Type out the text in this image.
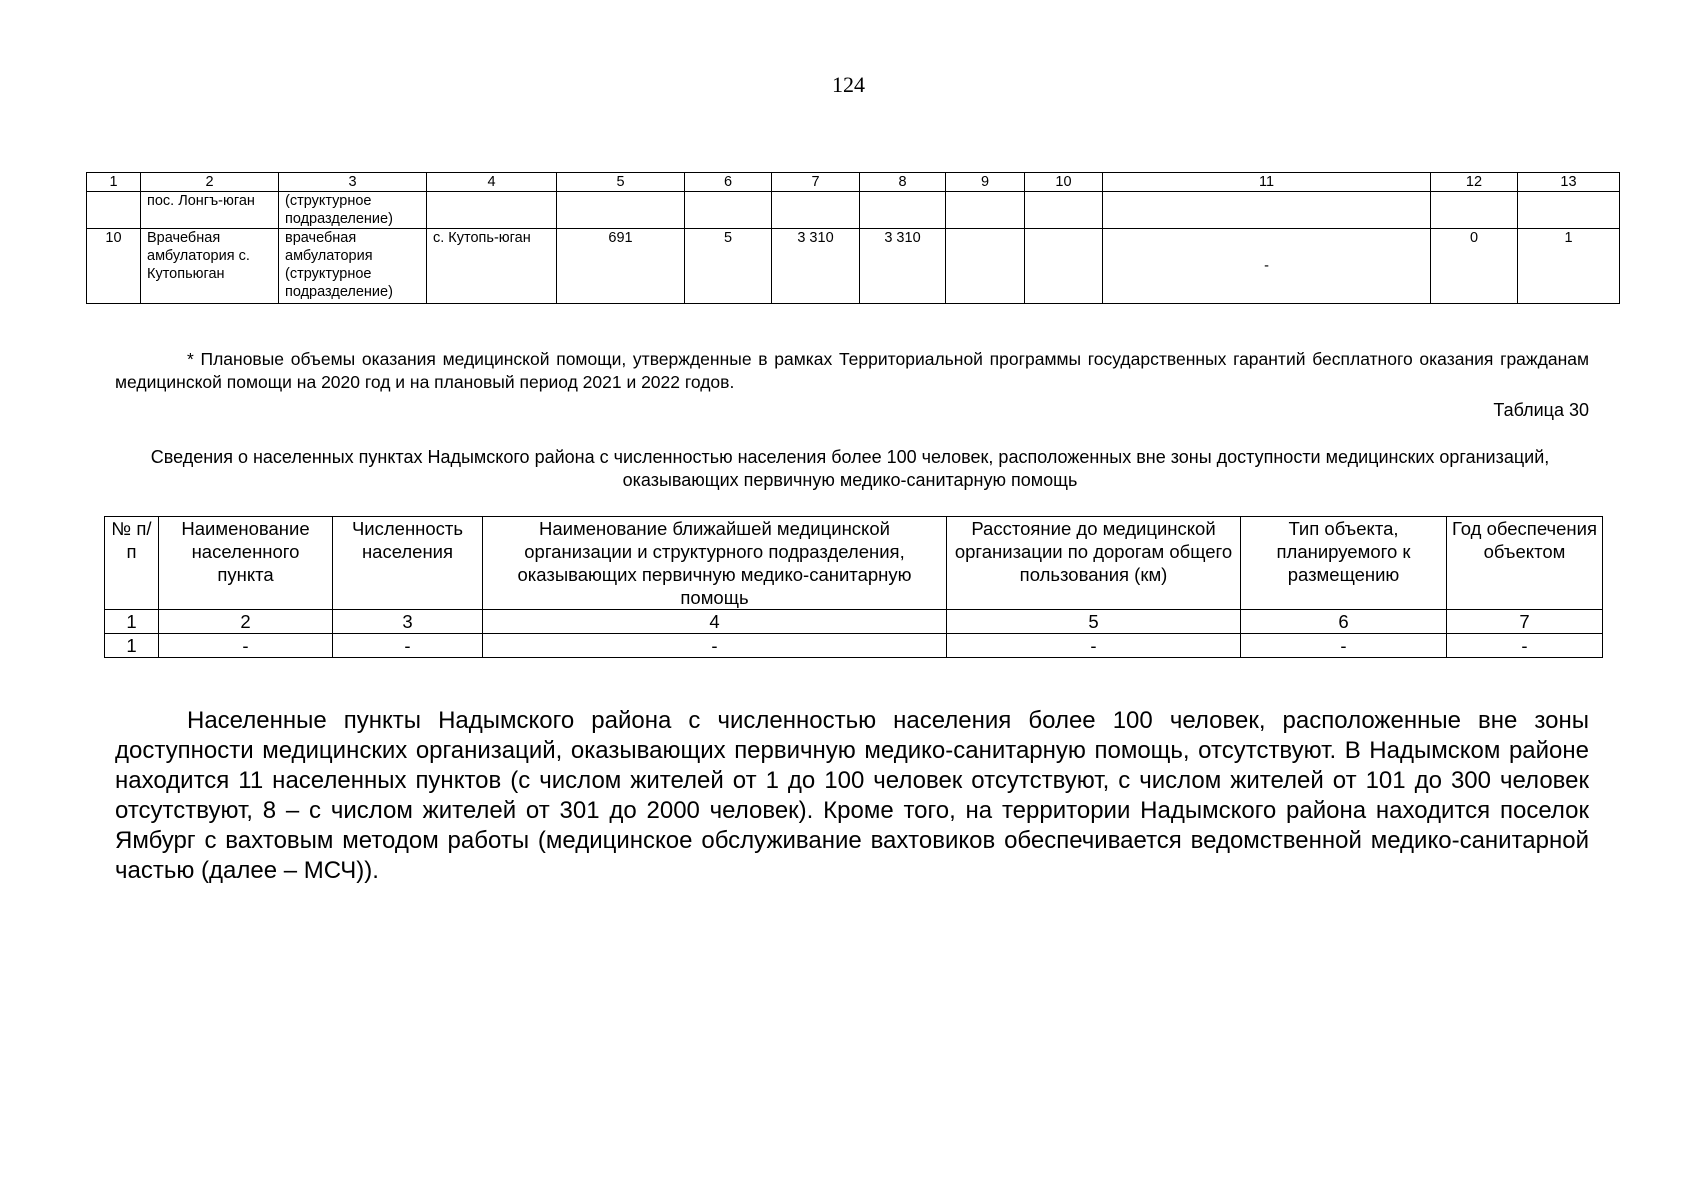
124
1	2	3	4	5	6	7	8	9	10	11	12	13
	пос. Лонгъ-юган	(структурное подразделение)										
10	Врачебная амбулатория с. Кутопьюган	врачебная амбулатория (структурное подразделение)	с. Кутопь-юган	691	5	3 310	3 310			-	0	1

* Плановые объемы оказания медицинской помощи, утвержденные в рамках Территориальной программы государственных гарантий бесплатного оказания гражданам медицинской помощи на 2020 год и на плановый период 2021 и 2022 годов.

Таблица 30
Сведения о населенных пунктах Надымского района с численностью населения более 100 человек, расположенных вне зоны доступности медицинских организаций, оказывающих первичную медико-санитарную помощь
№ п/п	Наименование населенного пункта	Численность населения	Наименование ближайшей медицинской организации и структурного подразделения, оказывающих первичную медико-санитарную помощь	Расстояние до медицинской организации по дорогам общего пользования (км)	Тип объекта, планируемого к размещению	Год обеспечения объектом
1	2	3	4	5	6	7
1	-	-	-	-	-	-

Населенные пункты Надымского района с численностью населения более 100 человек, расположенные вне зоны доступности медицинских организаций, оказывающих первичную медико-санитарную помощь, отсутствуют. В Надымском районе находится 11 населенных пунктов (с числом жителей от 1 до 100 человек отсутствуют, с числом жителей от 101 до 300 человек отсутствуют, 8 – с числом жителей от 301 до 2000 человек). Кроме того, на территории Надымского района находится поселок Ямбург с вахтовым методом работы (медицинское обслуживание вахтовиков обеспечивается ведомственной медико-санитарной частью (далее – МСЧ)).
